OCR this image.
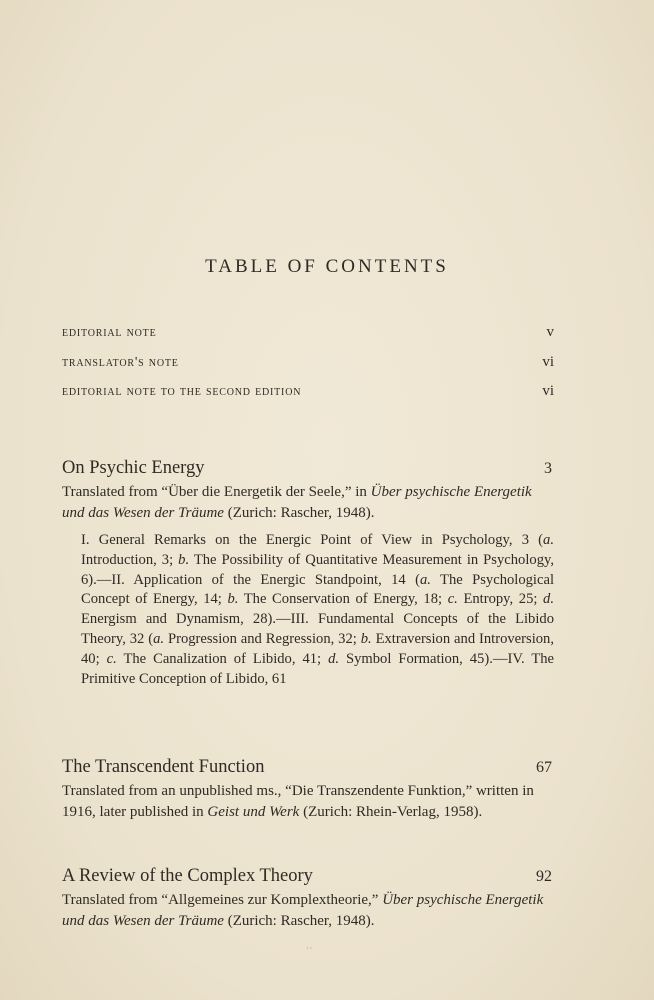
TABLE OF CONTENTS
editorial note	v
translator's note	vi
editorial note to the second edition	vi
On Psychic Energy	3
Translated from “Über die Energetik der Seele,” in Über psychische Energetik und das Wesen der Träume (Zurich: Rascher, 1948).
I. General Remarks on the Energic Point of View in Psychology, 3 (a. Introduction, 3; b. The Possibility of Quantitative Measurement in Psychology, 6).—II. Application of the Energic Standpoint, 14 (a. The Psychological Concept of Energy, 14; b. The Conservation of Energy, 18; c. Entropy, 25; d. Energism and Dynamism, 28).—III. Fundamental Concepts of the Libido Theory, 32 (a. Progression and Regression, 32; b. Extraversion and Introversion, 40; c. The Canalization of Libido, 41; d. Symbol Formation, 45).—IV. The Primitive Conception of Libido, 61
The Transcendent Function	67
Translated from an unpublished ms., “Die Transzendente Funktion,” written in 1916, later published in Geist und Werk (Zurich: Rhein-Verlag, 1958).
A Review of the Complex Theory	92
Translated from “Allgemeines zur Komplextheorie,” Über psychische Energetik und das Wesen der Träume (Zurich: Rascher, 1948).
··
